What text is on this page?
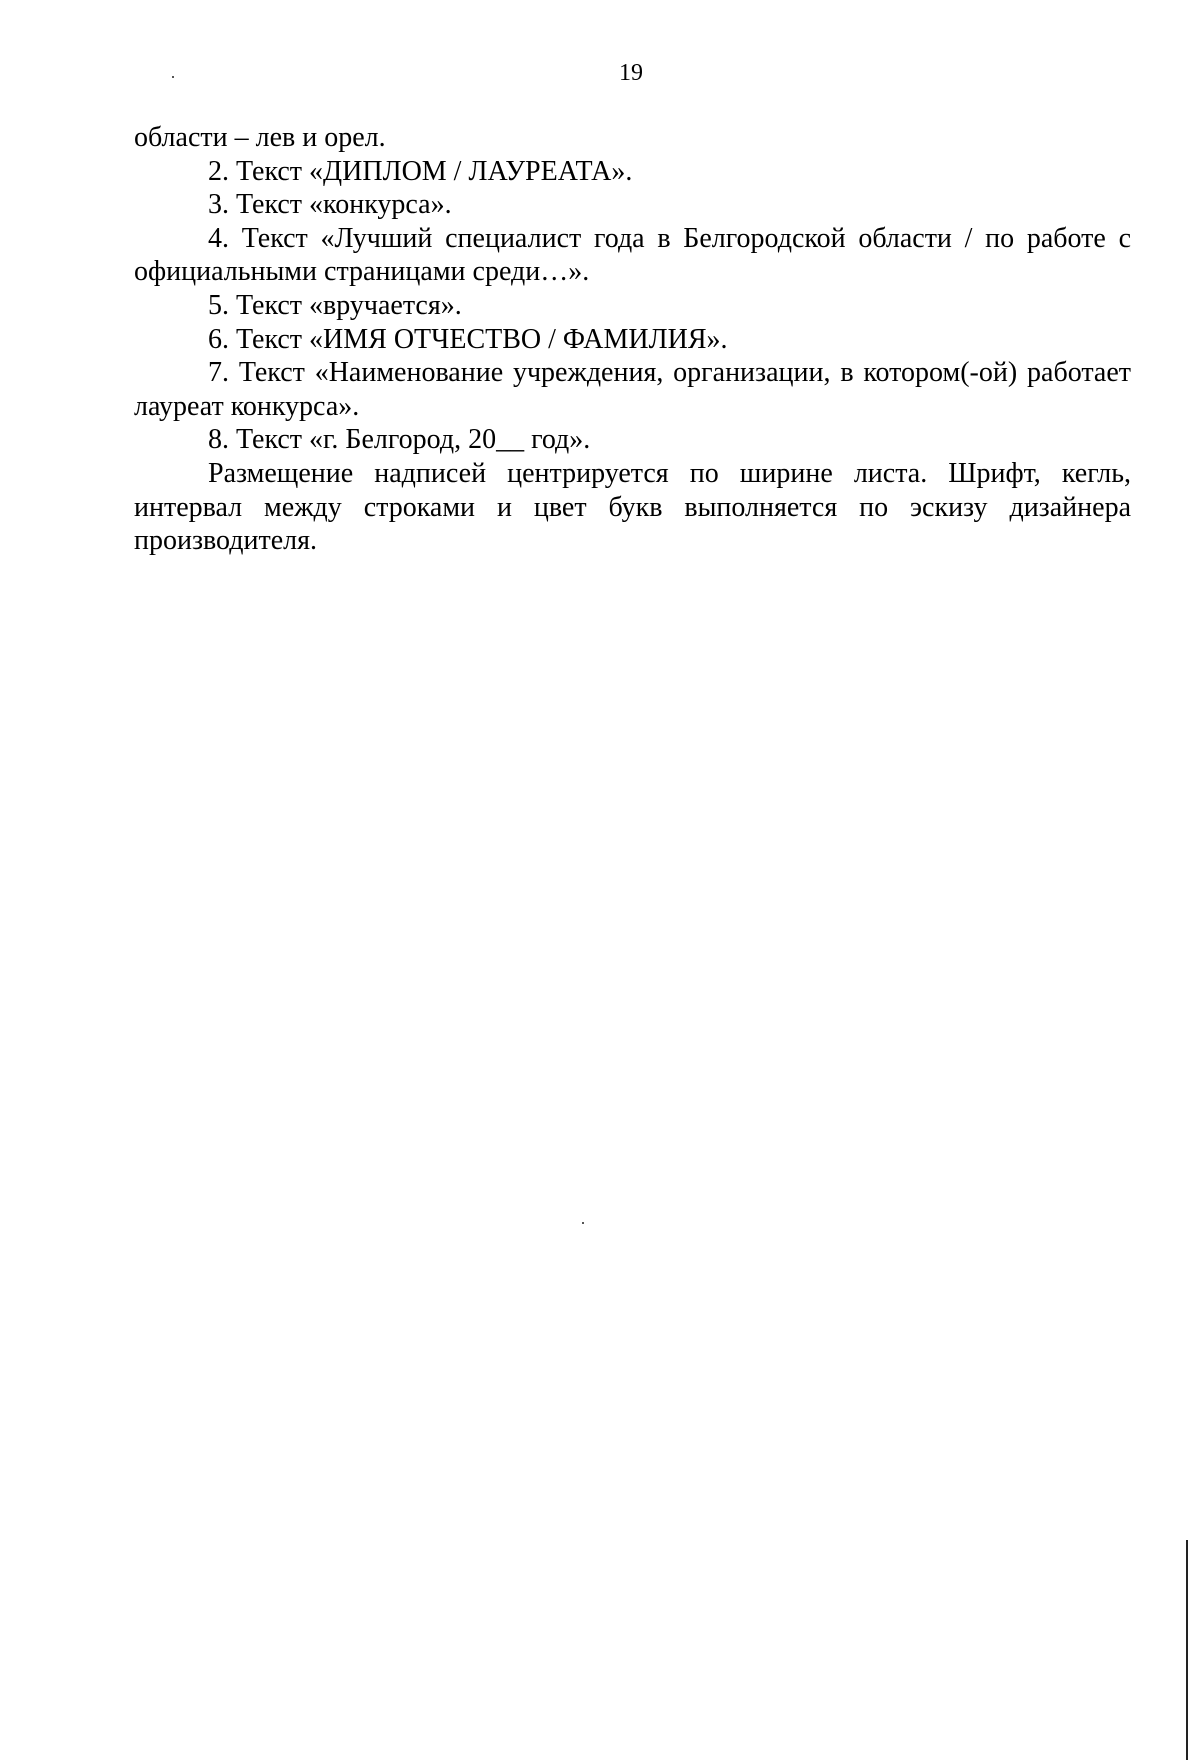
19

области – лев и орел.

2. Текст «ДИПЛОМ / ЛАУРЕАТА».

3. Текст «конкурса».

4. Текст «Лучший специалист года в Белгородской области / по работе с официальными страницами среди…».

5. Текст «вручается».

6. Текст «ИМЯ ОТЧЕСТВО / ФАМИЛИЯ».

7. Текст «Наименование учреждения, организации, в котором(-ой) работает лауреат конкурса».

8. Текст «г. Белгород, 20__ год».

Размещение надписей центрируется по ширине листа. Шрифт, кегль, интервал между строками и цвет букв выполняется по эскизу дизайнера производителя.
